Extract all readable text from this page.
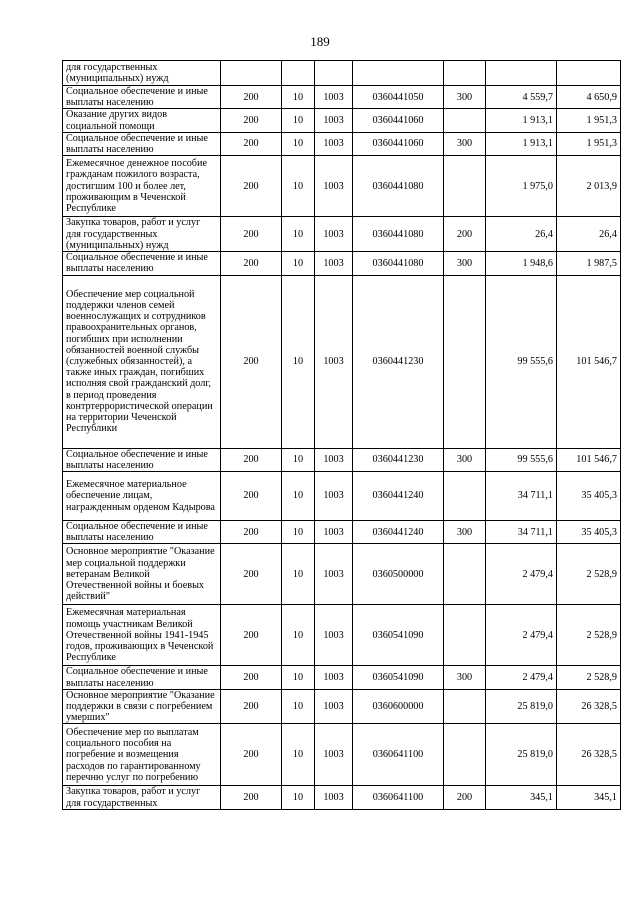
189
для государственных (муниципальных) нужд							
Социальное обеспечение и иные выплаты населению	200	10	1003	0360441050	300	4 559,7	4 650,9
Оказание других видов социальной помощи	200	10	1003	0360441060		1 913,1	1 951,3
Социальное обеспечение и иные выплаты населению	200	10	1003	0360441060	300	1 913,1	1 951,3
Ежемесячное денежное пособие гражданам пожилого возраста, достигшим 100 и более лет, проживающим в Чеченской Республике	200	10	1003	0360441080		1 975,0	2 013,9
Закупка товаров, работ и услуг для государственных (муниципальных) нужд	200	10	1003	0360441080	200	26,4	26,4
Социальное обеспечение и иные выплаты населению	200	10	1003	0360441080	300	1 948,6	1 987,5
Обеспечение мер социальной поддержки членов семей военнослужащих и сотрудников правоохранительных органов, погибших при исполнении обязанностей военной службы (служебных обязанностей), а также иных граждан, погибших исполняя свой гражданский долг, в период проведения контртеррористической операции на территории Чеченской Республики	200	10	1003	0360441230		99 555,6	101 546,7
Социальное обеспечение и иные выплаты населению	200	10	1003	0360441230	300	99 555,6	101 546,7
Ежемесячное материальное обеспечение лицам, награжденным орденом Кадырова	200	10	1003	0360441240		34 711,1	35 405,3
Социальное обеспечение и иные выплаты населению	200	10	1003	0360441240	300	34 711,1	35 405,3
Основное мероприятие "Оказание мер социальной поддержки ветеранам Великой Отечественной войны и боевых действий"	200	10	1003	0360500000		2 479,4	2 528,9
Ежемесячная материальная помощь участникам Великой Отечественной войны 1941-1945 годов, проживающих в Чеченской Республике	200	10	1003	0360541090		2 479,4	2 528,9
Социальное обеспечение и иные выплаты населению	200	10	1003	0360541090	300	2 479,4	2 528,9
Основное мероприятие "Оказание поддержки в связи с погребением умерших"	200	10	1003	0360600000		25 819,0	26 328,5
Обеспечение мер по выплатам социального пособия на погребение и возмещения расходов по гарантированному перечню услуг по погребению	200	10	1003	0360641100		25 819,0	26 328,5
Закупка товаров, работ и услуг для государственных	200	10	1003	0360641100	200	345,1	345,1
